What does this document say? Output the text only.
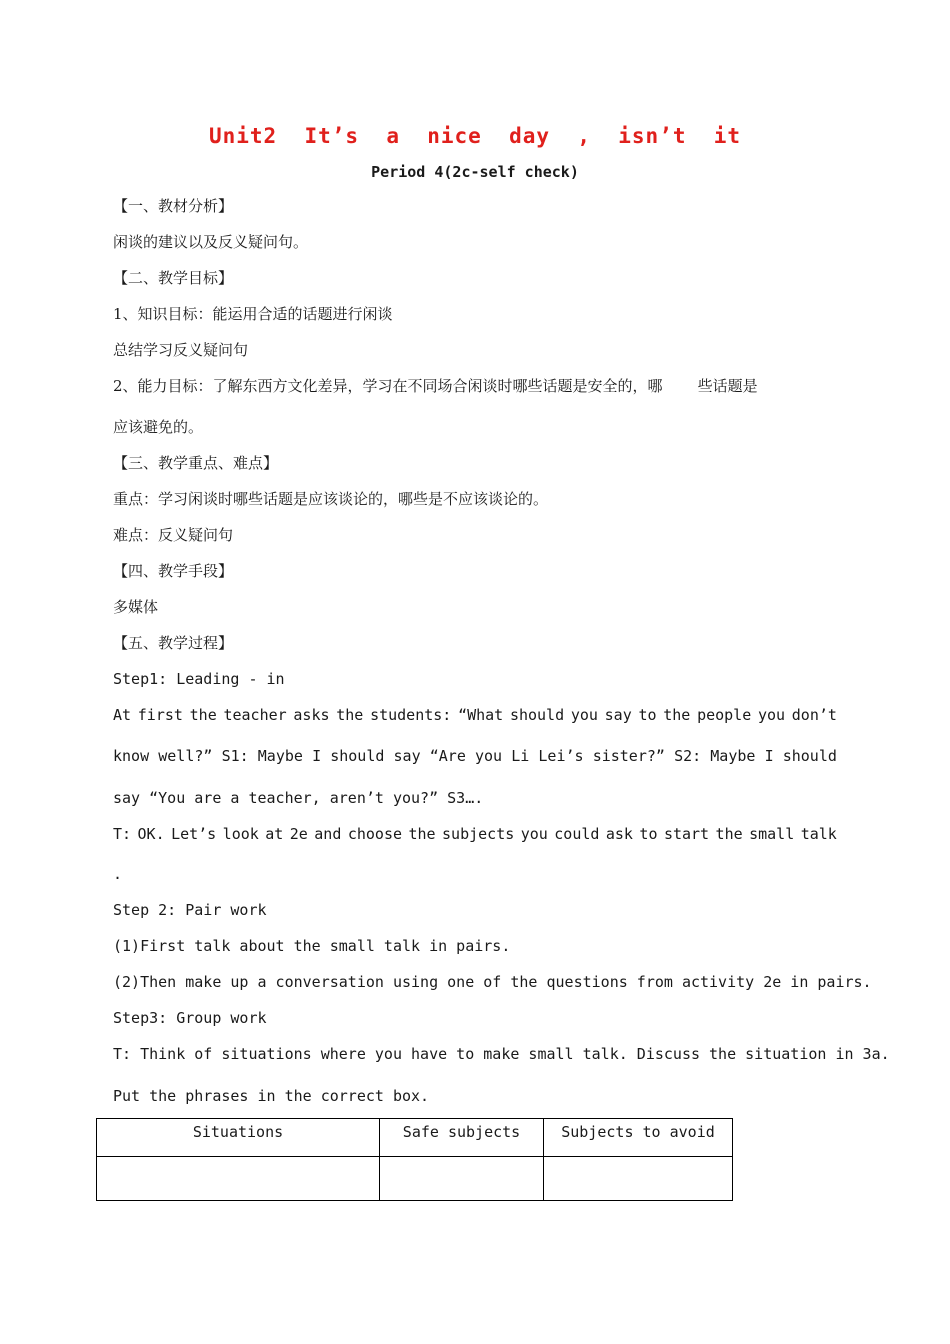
Unit2  It’s  a  nice  day  ,  isn’t  it
Period 4(2c-self check)
【一、教材分析】
闲谈的建议以及反义疑问句。
【二、教学目标】
1、知识目标：能运用合适的话题进行闲谈
总结学习反义疑问句
2、能力目标：了解东西方文化差异，学习在不同场合闲谈时哪些话题是安全的，哪 些话题是
应该避免的。
【三、教学重点、难点】
重点：学习闲谈时哪些话题是应该谈论的，哪些是不应该谈论的。
难点：反义疑问句
【四、教学手段】
多媒体
【五、教学过程】
Step1: Leading - in
At first the teacher asks the students: “What should you say to the people you don’t
know well?” S1: Maybe I should say “Are you Li Lei’s sister?” S2: Maybe I should
say “You are a teacher, aren’t you?” S3….
T: OK. Let’s look at 2e and choose the subjects you could ask to start the small talk
.
Step 2: Pair work
(1)First talk about the small talk in pairs.
(2)Then make up a conversation using one of the questions from activity 2e in pairs.
Step3: Group work
T: Think of situations where you have to make small talk. Discuss the situation in 3a.
Put the phrases in the correct box.
Situations	Safe subjects	Subjects to avoid
